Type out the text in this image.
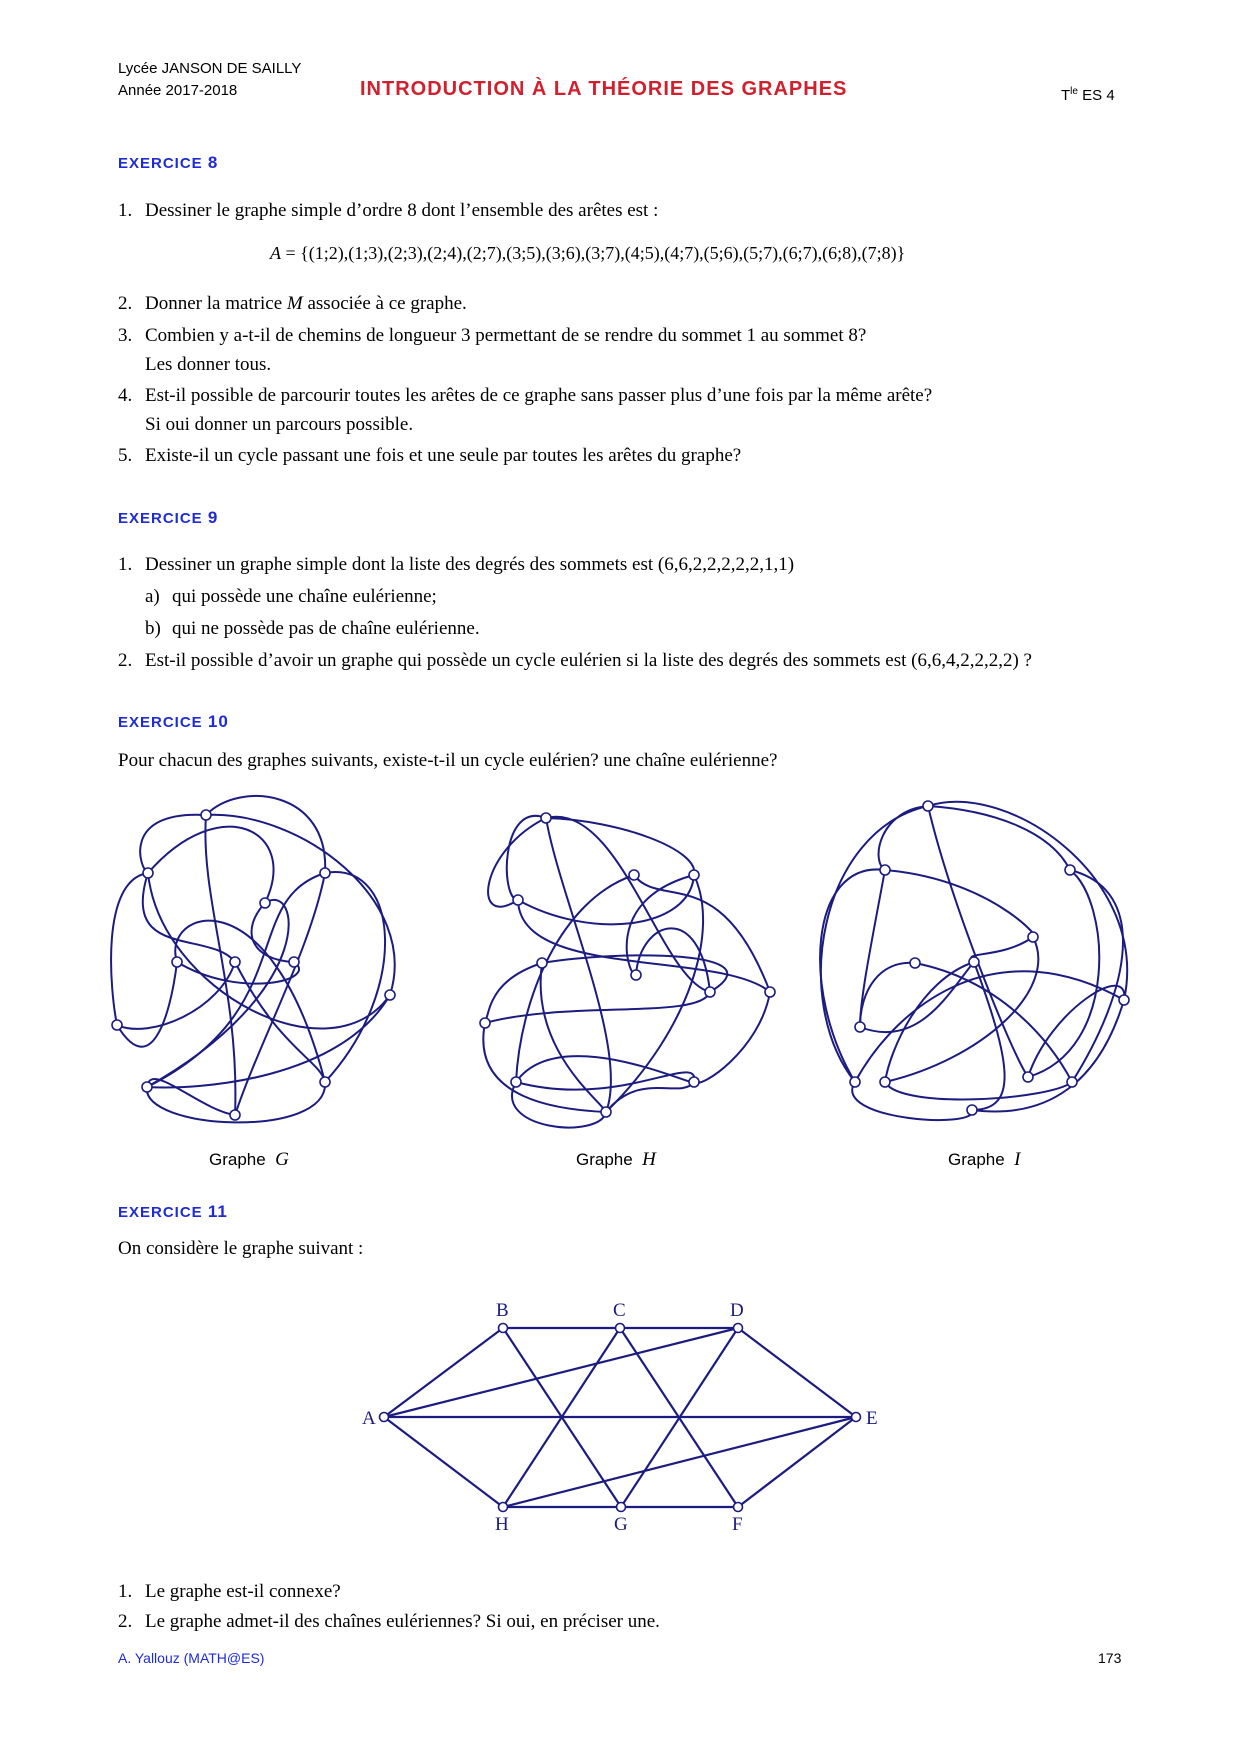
Lycée JANSON DE SAILLY
Année 2017-2018	INTRODUCTION À LA THÉORIE DES GRAPHES	$T^{le}$ ES 4
EXERCICE 8
1. Dessiner le graphe simple d’ordre 8 dont l’ensemble des arêtes est :
A = {(1;2),(1;3),(2;3),(2;4),(2;7),(3;5),(3;6),(3;7),(4;5),(4;7),(5;6),(5;7),(6;7),(6;8),(7;8)}
2. Donner la matrice M associée à ce graphe.
3. Combien y a-t-il de chemins de longueur 3 permettant de se rendre du sommet 1 au sommet 8?
Les donner tous.
4. Est-il possible de parcourir toutes les arêtes de ce graphe sans passer plus d’une fois par la même arête?
Si oui donner un parcours possible.
5. Existe-il un cycle passant une fois et une seule par toutes les arêtes du graphe?
EXERCICE 9
1. Dessiner un graphe simple dont la liste des degrés des sommets est (6,6,2,2,2,2,2,1,1)
a) qui possède une chaîne eulérienne;
b) qui ne possède pas de chaîne eulérienne.
2. Est-il possible d’avoir un graphe qui possède un cycle eulérien si la liste des degrés des sommets est (6,6,4,2,2,2,2) ?
EXERCICE 10
Pour chacun des graphes suivants, existe-t-il un cycle eulérien? une chaîne eulérienne?
Graphe G	Graphe H	Graphe I
EXERCICE 11
On considère le graphe suivant :
A
B	C	D
E
F
G
H
1. Le graphe est-il connexe?
2. Le graphe admet-il des chaînes eulériennes? Si oui, en préciser une.
A. Yallouz (MATH@ES)	173
